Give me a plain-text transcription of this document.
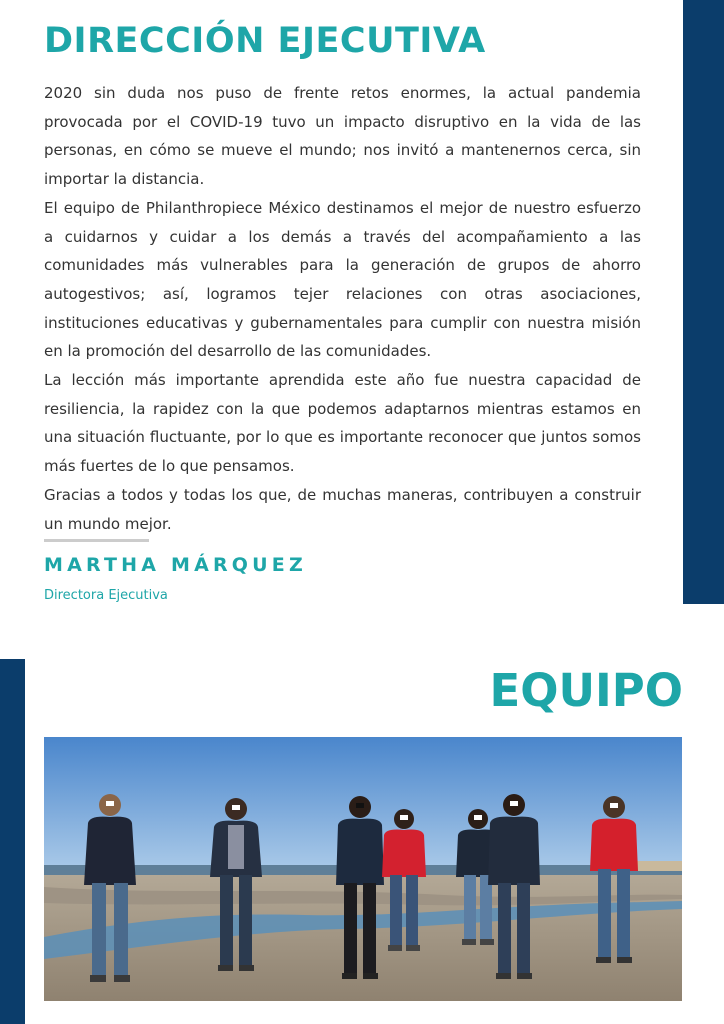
DIRECCIÓN EJECUTIVA

2020 sin duda nos puso de frente retos enormes, la actual pandemia provocada por el COVID-19 tuvo un impacto disruptivo en la vida de las personas, en cómo se mueve el mundo; nos invitó a mantenernos cerca, sin importar la distancia.

El equipo de Philanthropiece México destinamos el mejor de nuestro esfuerzo a cuidarnos y cuidar a los demás a través del acompañamiento a las comunidades más vulnerables para la generación de grupos de ahorro autogestivos; así, logramos tejer relaciones con otras asociaciones, instituciones educativas y gubernamentales para cumplir con nuestra misión en la promoción del desarrollo de las comunidades.

La lección más importante aprendida este año fue nuestra capacidad de resiliencia, la rapidez con la que podemos adaptarnos mientras estamos en una situación fluctuante, por lo que es importante reconocer que juntos somos más fuertes de lo que pensamos.

Gracias a todos y todas los que, de muchas maneras, contribuyen a construir un mundo mejor.

MARTHA MÁRQUEZ
Directora Ejecutiva
EQUIPO
